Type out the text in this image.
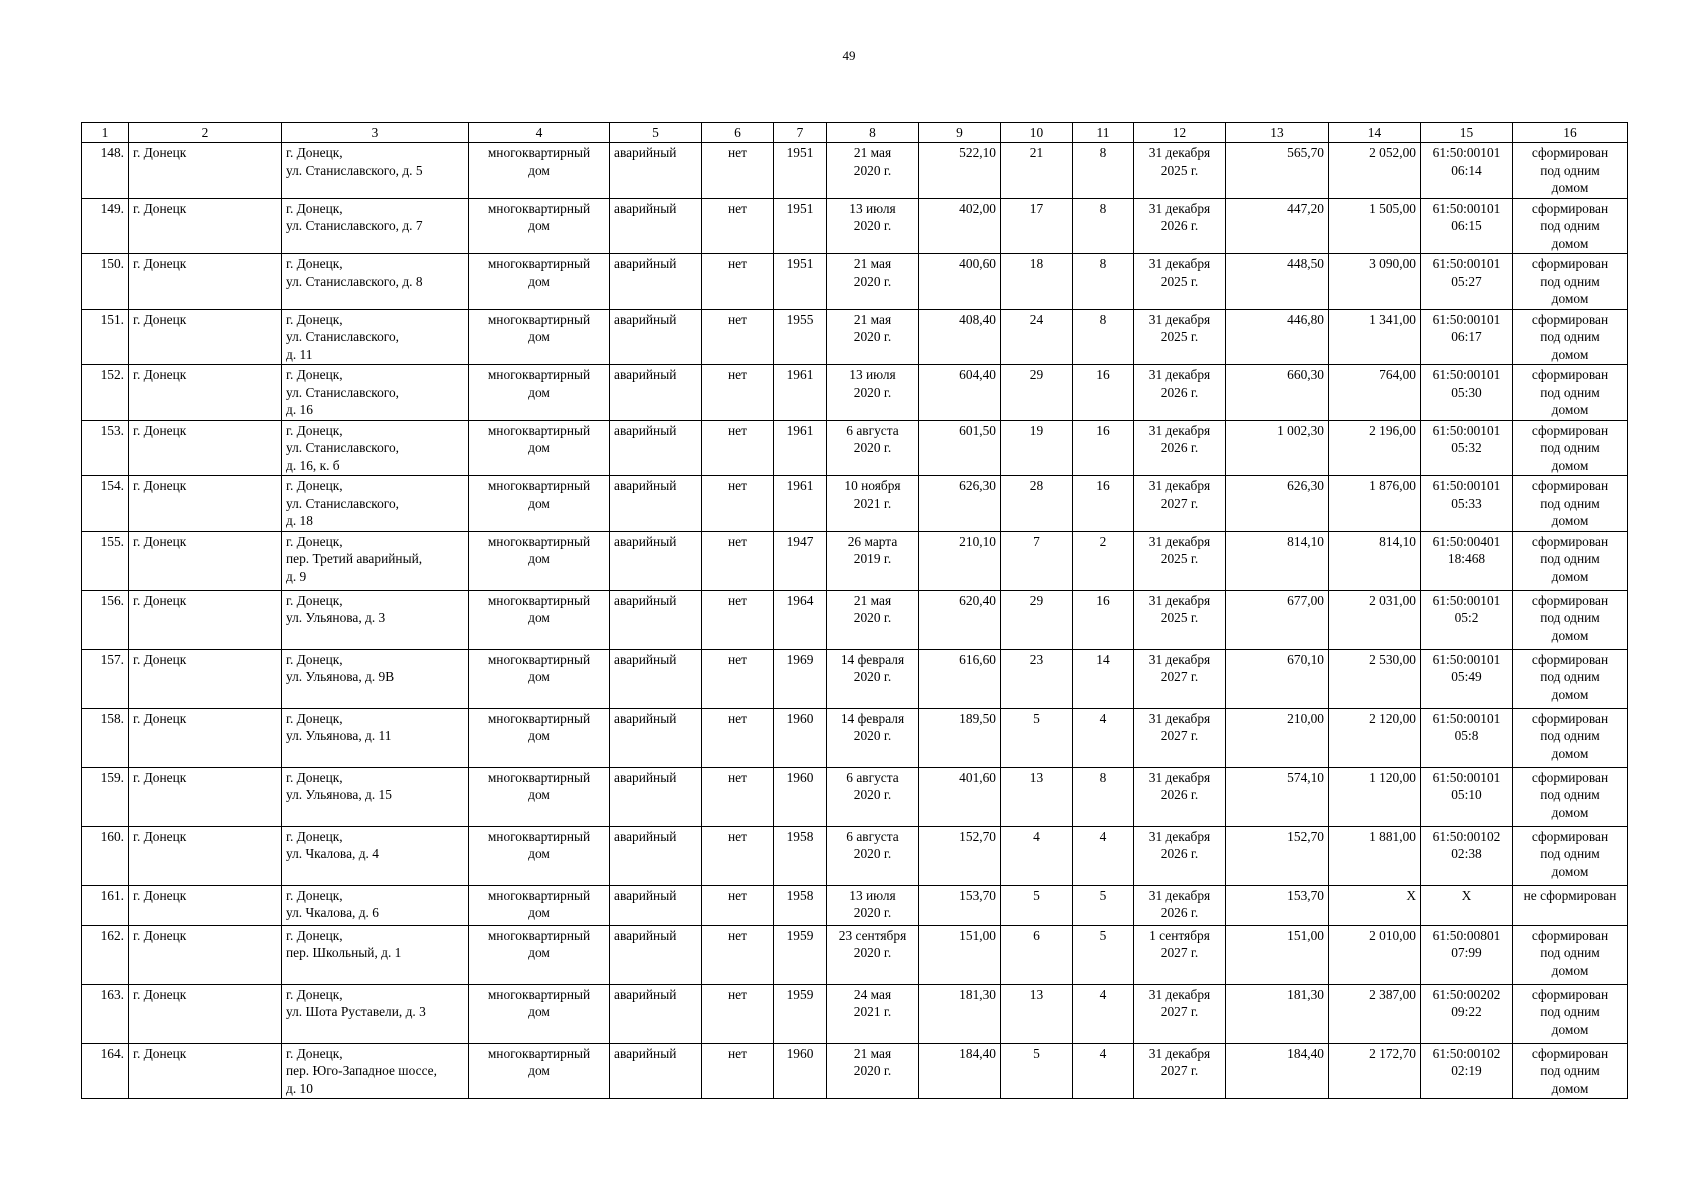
49
1	2	3	4	5	6	7	8	9	10	11	12	13	14	15	16
148.	г. Донецк	г. Донецк,
ул. Станиславского, д. 5	многоквартирный
дом	аварийный	нет	1951	21 мая
2020 г.	522,10	21	8	31 декабря
2025 г.	565,70	2 052,00	61:50:00101
06:14	сформирован
под одним
домом
149.	г. Донецк	г. Донецк,
ул. Станиславского, д. 7	многоквартирный
дом	аварийный	нет	1951	13 июля
2020 г.	402,00	17	8	31 декабря
2026 г.	447,20	1 505,00	61:50:00101
06:15	сформирован
под одним
домом
150.	г. Донецк	г. Донецк,
ул. Станиславского, д. 8	многоквартирный
дом	аварийный	нет	1951	21 мая
2020 г.	400,60	18	8	31 декабря
2025 г.	448,50	3 090,00	61:50:00101
05:27	сформирован
под одним
домом
151.	г. Донецк	г. Донецк,
ул. Станиславского,
д. 11	многоквартирный
дом	аварийный	нет	1955	21 мая
2020 г.	408,40	24	8	31 декабря
2025 г.	446,80	1 341,00	61:50:00101
06:17	сформирован
под одним
домом
152.	г. Донецк	г. Донецк,
ул. Станиславского,
д. 16	многоквартирный
дом	аварийный	нет	1961	13 июля
2020 г.	604,40	29	16	31 декабря
2026 г.	660,30	764,00	61:50:00101
05:30	сформирован
под одним
домом
153.	г. Донецк	г. Донецк,
ул. Станиславского,
д. 16, к. б	многоквартирный
дом	аварийный	нет	1961	6 августа
2020 г.	601,50	19	16	31 декабря
2026 г.	1 002,30	2 196,00	61:50:00101
05:32	сформирован
под одним
домом
154.	г. Донецк	г. Донецк,
ул. Станиславского,
д. 18	многоквартирный
дом	аварийный	нет	1961	10 ноября
2021 г.	626,30	28	16	31 декабря
2027 г.	626,30	1 876,00	61:50:00101
05:33	сформирован
под одним
домом
155.	г. Донецк	г. Донецк,
пер. Третий аварийный,
д. 9	многоквартирный
дом	аварийный	нет	1947	26 марта
2019 г.	210,10	7	2	31 декабря
2025 г.	814,10	814,10	61:50:00401
18:468	сформирован
под одним
домом
156.	г. Донецк	г. Донецк,
ул. Ульянова, д. 3	многоквартирный
дом	аварийный	нет	1964	21 мая
2020 г.	620,40	29	16	31 декабря
2025 г.	677,00	2 031,00	61:50:00101
05:2	сформирован
под одним
домом
157.	г. Донецк	г. Донецк,
ул. Ульянова, д. 9В	многоквартирный
дом	аварийный	нет	1969	14 февраля
2020 г.	616,60	23	14	31 декабря
2027 г.	670,10	2 530,00	61:50:00101
05:49	сформирован
под одним
домом
158.	г. Донецк	г. Донецк,
ул. Ульянова, д. 11	многоквартирный
дом	аварийный	нет	1960	14 февраля
2020 г.	189,50	5	4	31 декабря
2027 г.	210,00	2 120,00	61:50:00101
05:8	сформирован
под одним
домом
159.	г. Донецк	г. Донецк,
ул. Ульянова, д. 15	многоквартирный
дом	аварийный	нет	1960	6 августа
2020 г.	401,60	13	8	31 декабря
2026 г.	574,10	1 120,00	61:50:00101
05:10	сформирован
под одним
домом
160.	г. Донецк	г. Донецк,
ул. Чкалова, д. 4	многоквартирный
дом	аварийный	нет	1958	6 августа
2020 г.	152,70	4	4	31 декабря
2026 г.	152,70	1 881,00	61:50:00102
02:38	сформирован
под одним
домом
161.	г. Донецк	г. Донецк,
ул. Чкалова, д. 6	многоквартирный
дом	аварийный	нет	1958	13 июля
2020 г.	153,70	5	5	31 декабря
2026 г.	153,70	Х	Х	не сформирован
162.	г. Донецк	г. Донецк,
пер. Школьный, д. 1	многоквартирный
дом	аварийный	нет	1959	23 сентября
2020 г.	151,00	6	5	1 сентября
2027 г.	151,00	2 010,00	61:50:00801
07:99	сформирован
под одним
домом
163.	г. Донецк	г. Донецк,
ул. Шота Руставели, д. 3	многоквартирный
дом	аварийный	нет	1959	24 мая
2021 г.	181,30	13	4	31 декабря
2027 г.	181,30	2 387,00	61:50:00202
09:22	сформирован
под одним
домом
164.	г. Донецк	г. Донецк,
пер. Юго-Западное шоссе,
д. 10	многоквартирный
дом	аварийный	нет	1960	21 мая
2020 г.	184,40	5	4	31 декабря
2027 г.	184,40	2 172,70	61:50:00102
02:19	сформирован
под одним
домом
